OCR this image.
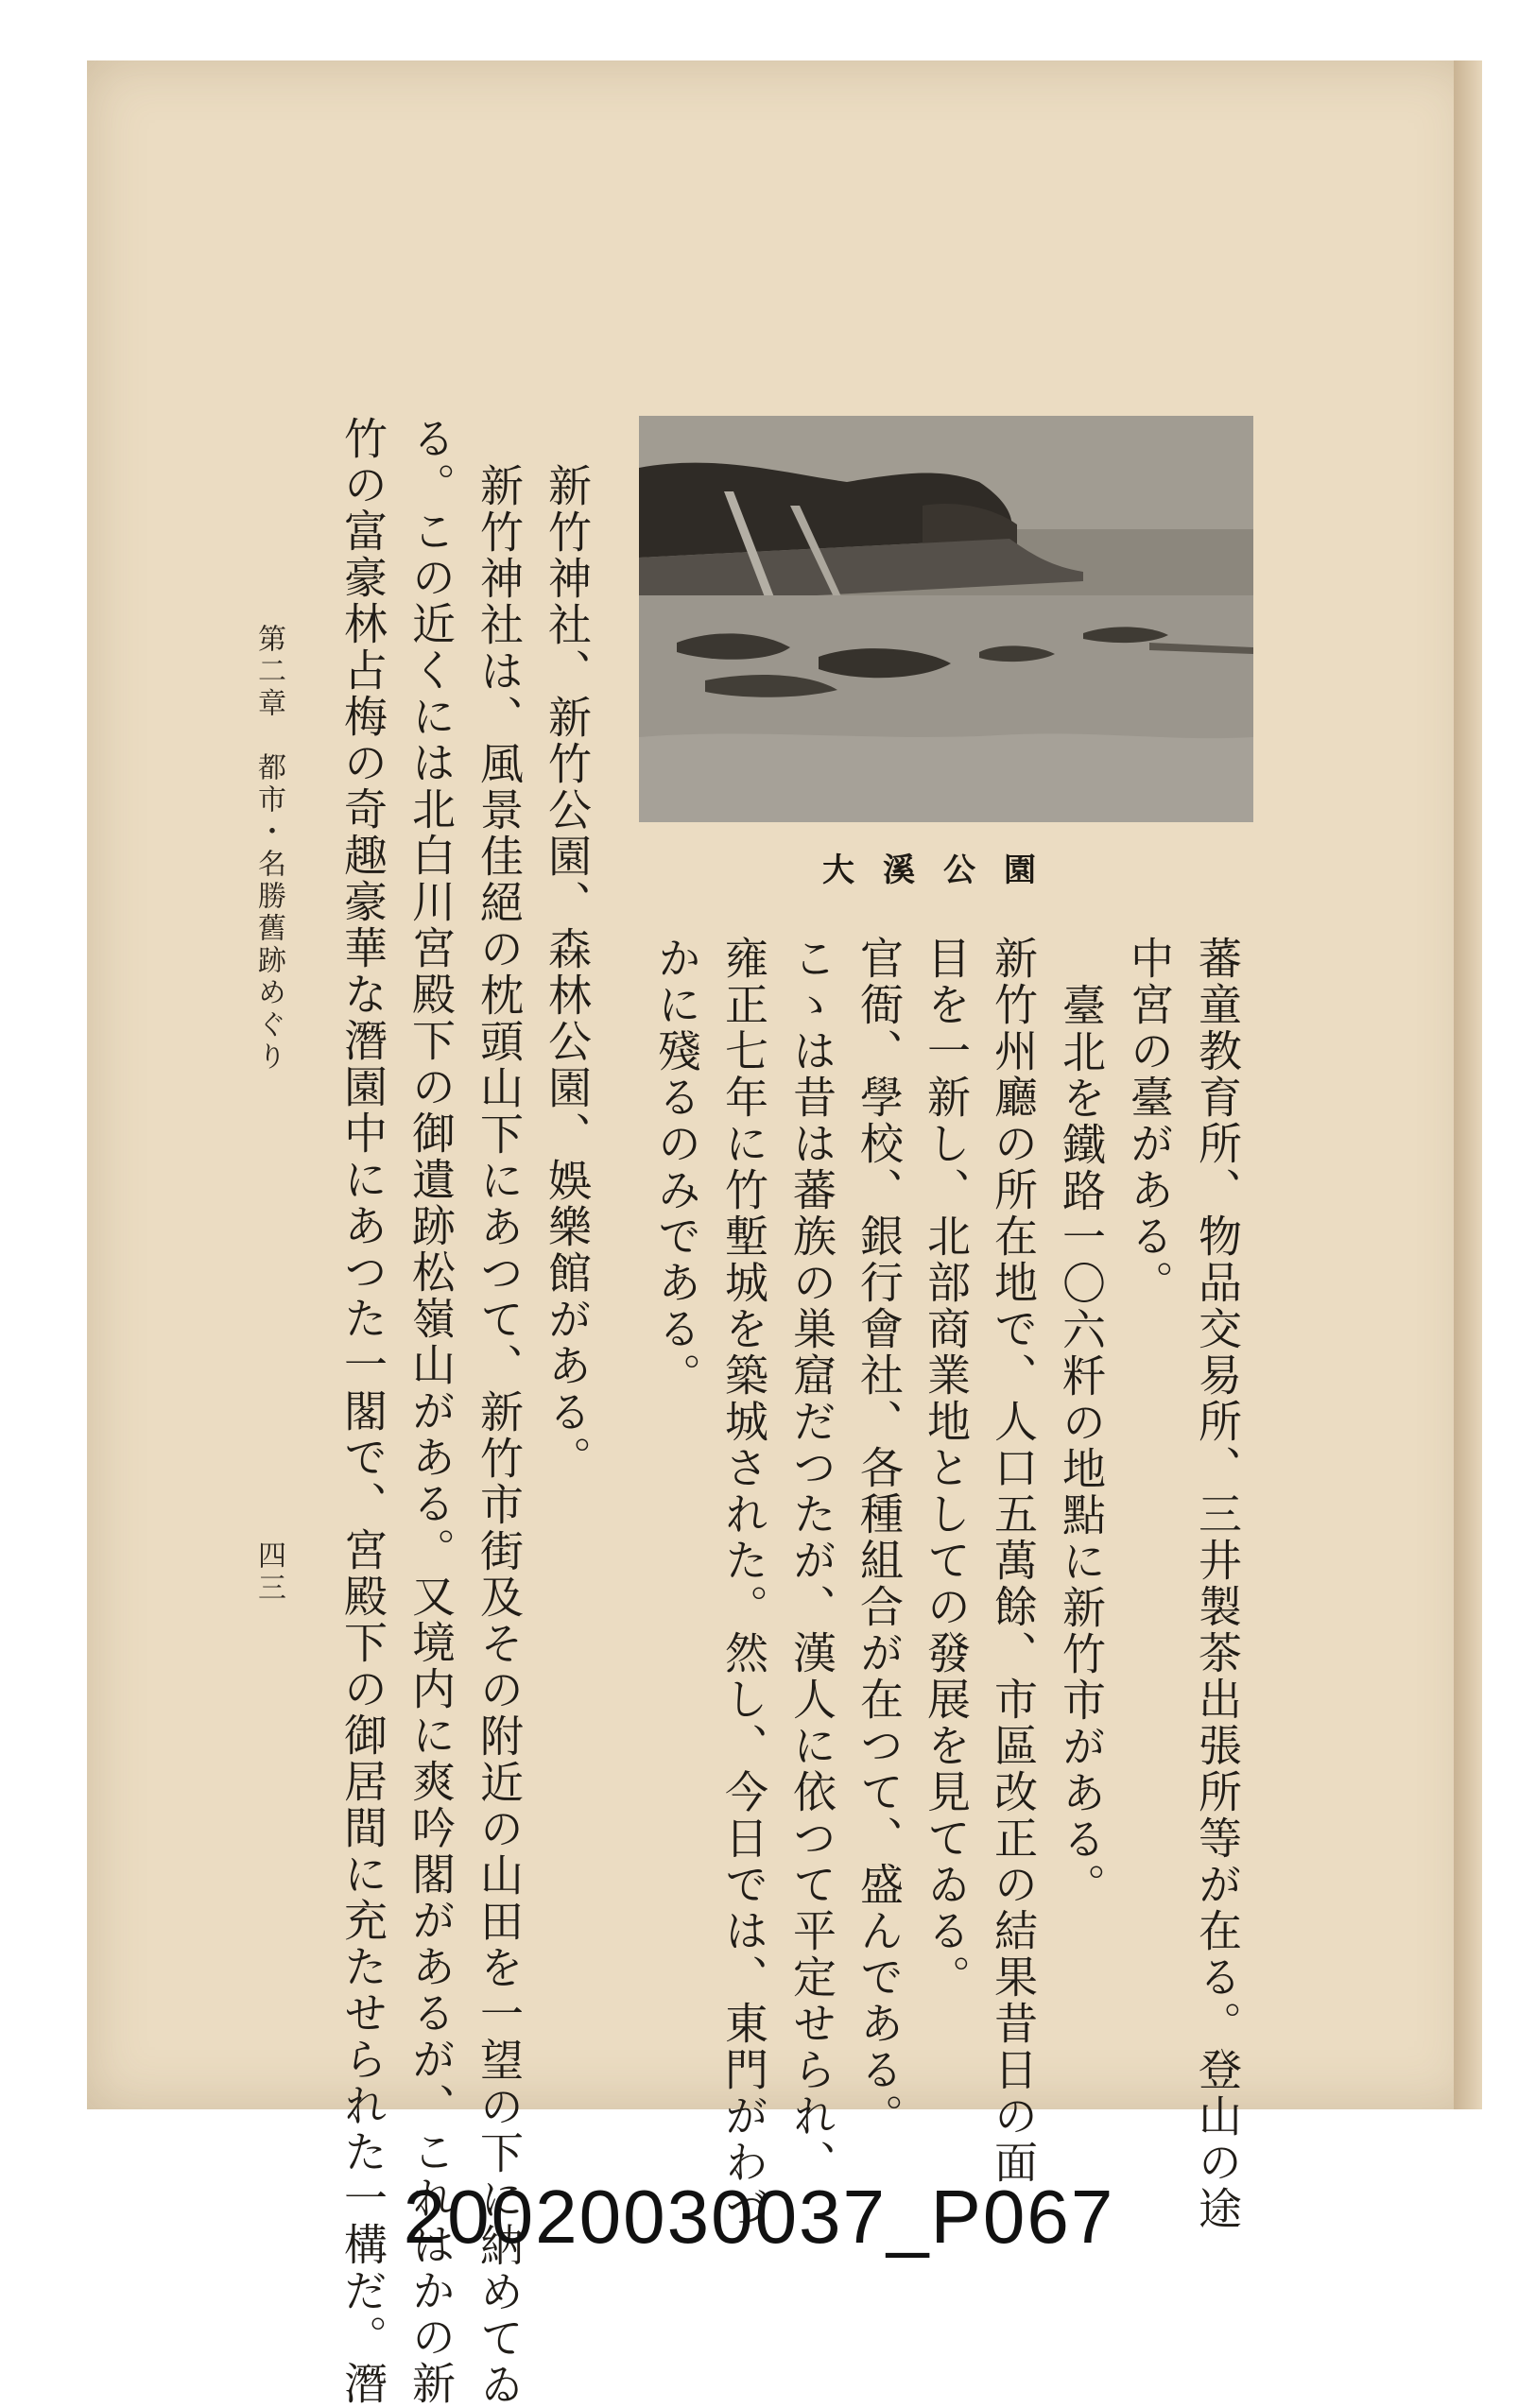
大溪公園
蕃童教育所、物品交易所、三井製茶出張所等が在る。登山の途
中宮の臺がある。
臺北を鐵路一〇六粁の地點に新竹市がある。
新竹州廳の所在地で、人口五萬餘、市區改正の結果昔日の面
目を一新し、北部商業地としての發展を見てゐる。
官衙、學校、銀行會社、各種組合が在つて、盛んである。
こゝは昔は蕃族の巣窟だつたが、漢人に依つて平定せられ、
雍正七年に竹塹城を築城された。然し、今日では、東門がわづ
かに殘るのみである。
新竹神社、新竹公園、森林公園、娛樂館がある。
新竹神社は、風景佳絕の枕頭山下にあつて、新竹市街及その附近の山田を一望の下に納めてゐ
る。この近くには北白川宮殿下の御遺跡松嶺山がある。又境内に爽吟閣があるが、これはかの新
竹の富豪林占梅の奇趣豪華な潛園中にあつた一閣で、宮殿下の御居間に充たせられた一構だ。潛
第二章　都市・名勝舊跡めぐり
四三
20020030037_P067
